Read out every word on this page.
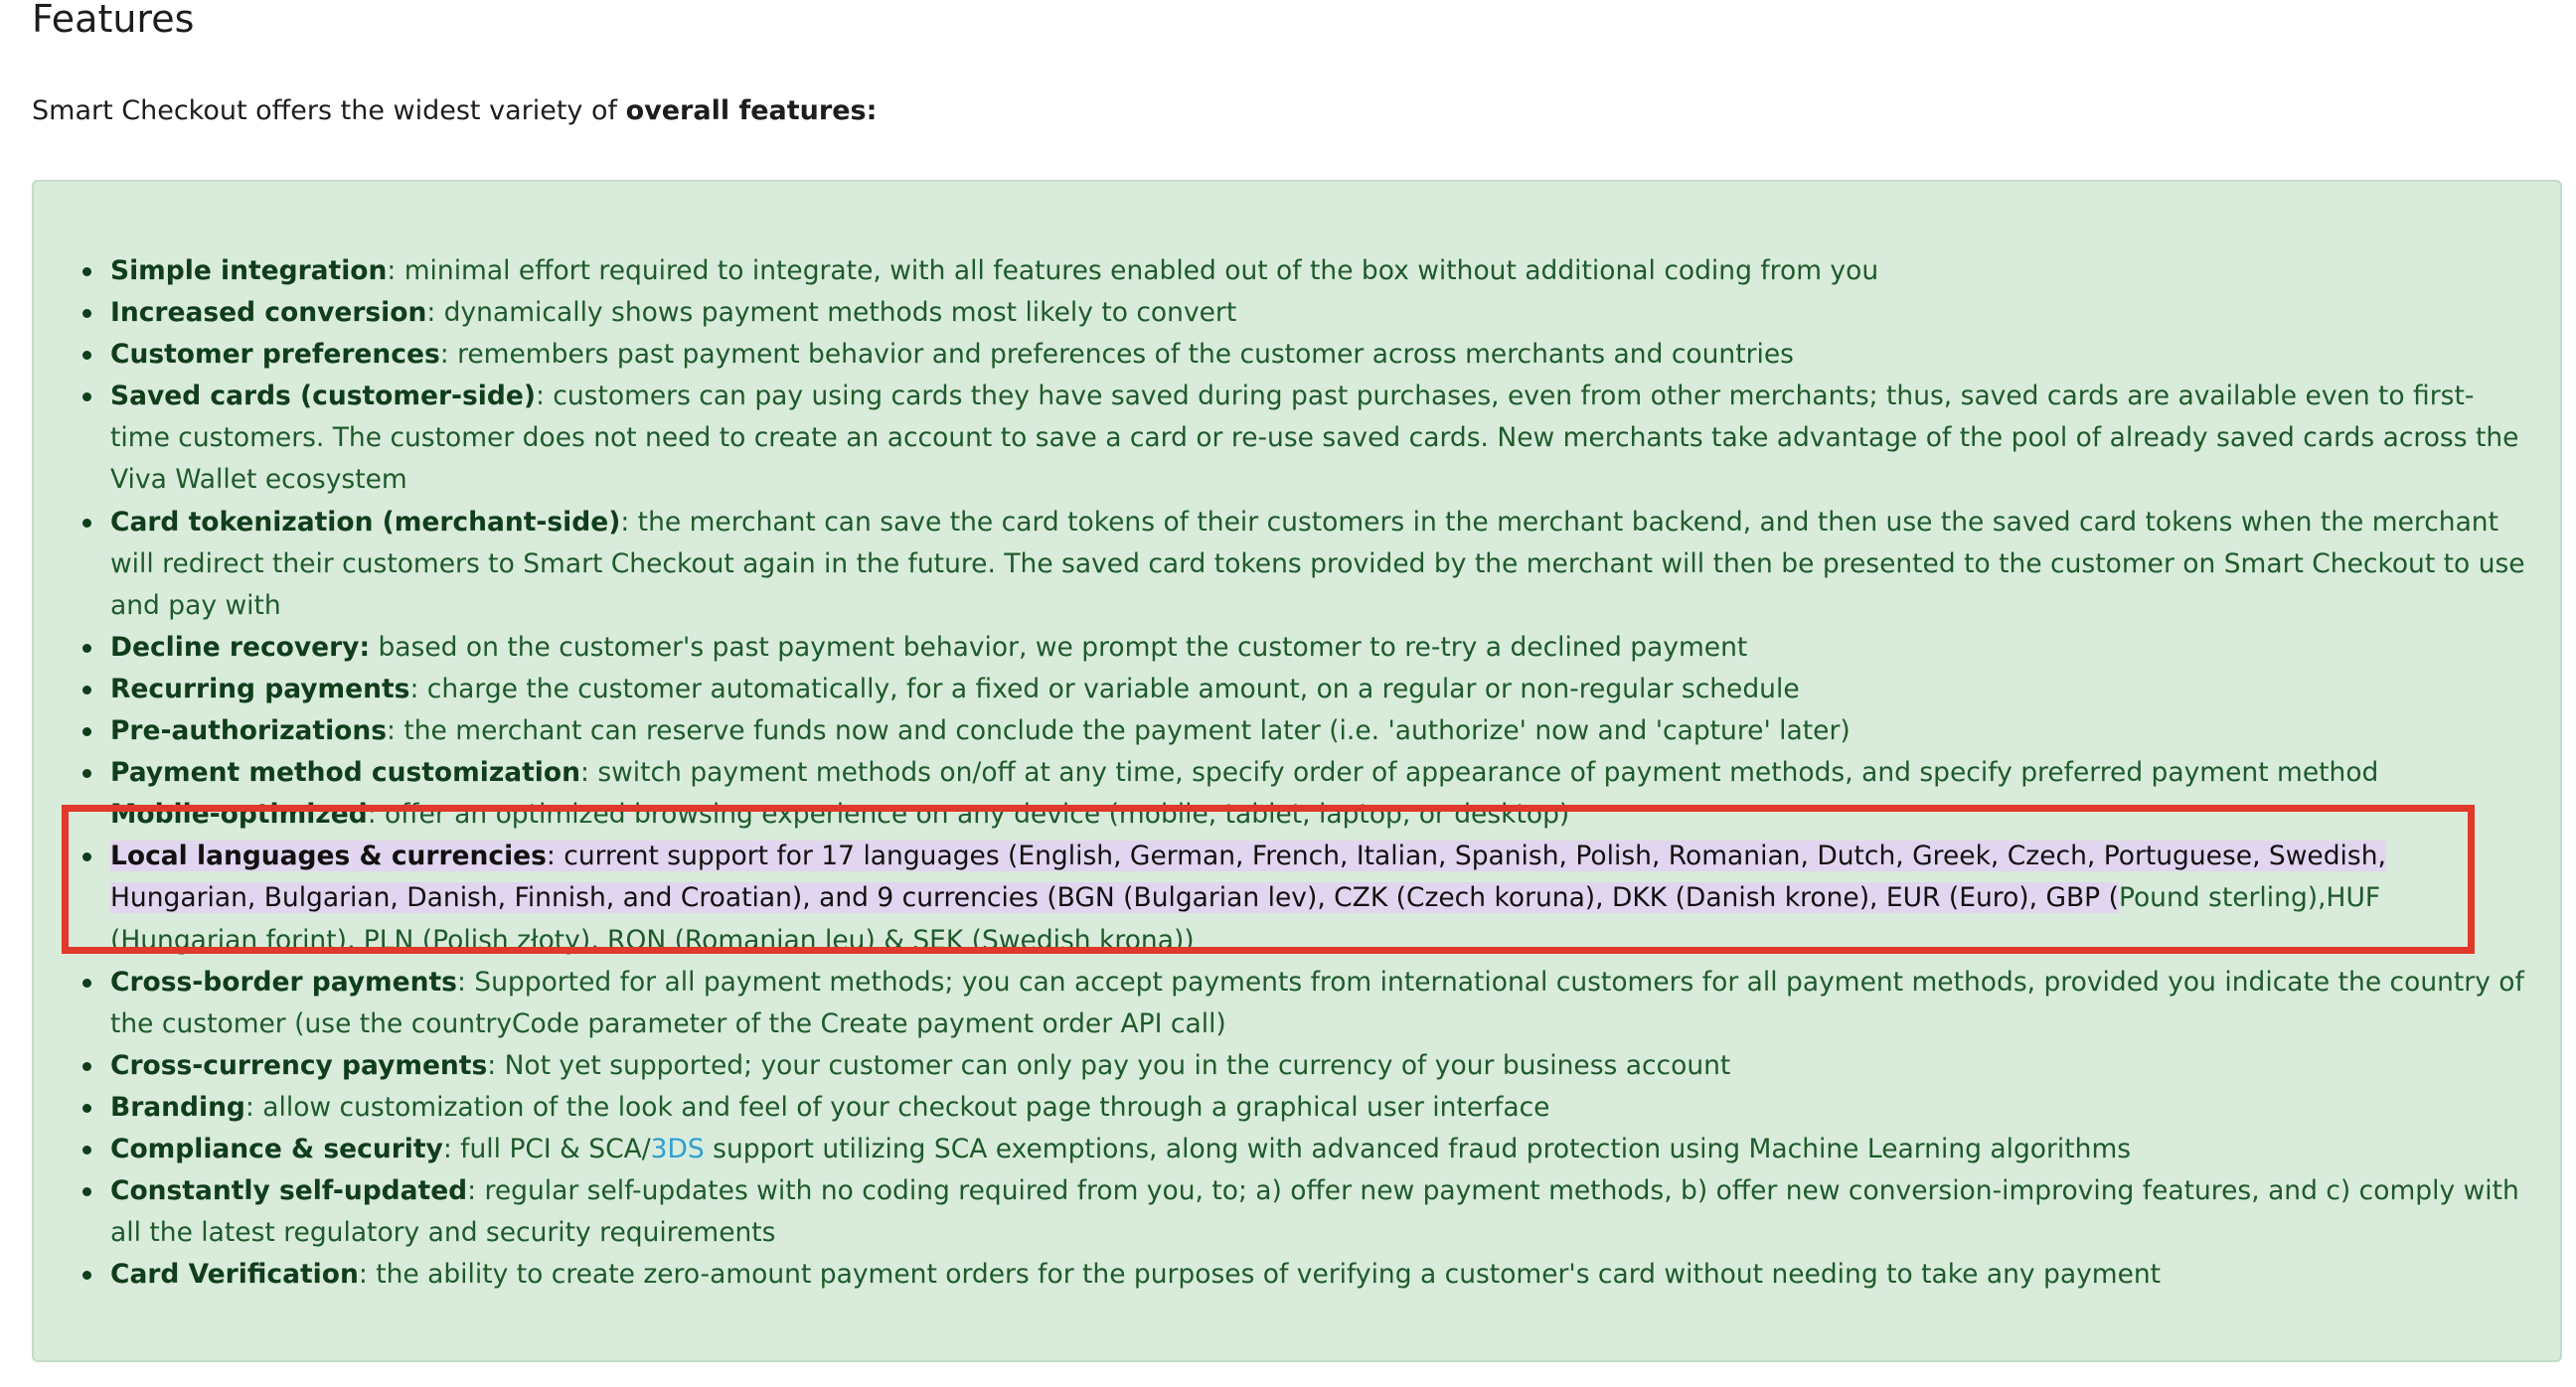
Features

Smart Checkout offers the widest variety of overall features:

Simple integration: minimal effort required to integrate, with all features enabled out of the box without additional coding from you
Increased conversion: dynamically shows payment methods most likely to convert
Customer preferences: remembers past payment behavior and preferences of the customer across merchants and countries
Saved cards (customer-side): customers can pay using cards they have saved during past purchases, even from other merchants; thus, saved cards are available even to first-time customers. The customer does not need to create an account to save a card or re-use saved cards. New merchants take advantage of the pool of already saved cards across the Viva Wallet ecosystem
Card tokenization (merchant-side): the merchant can save the card tokens of their customers in the merchant backend, and then use the saved card tokens when the merchant will redirect their customers to Smart Checkout again in the future. The saved card tokens provided by the merchant will then be presented to the customer on Smart Checkout to use and pay with
Decline recovery: based on the customer's past payment behavior, we prompt the customer to re-try a declined payment
Recurring payments: charge the customer automatically, for a fixed or variable amount, on a regular or non-regular schedule
Pre-authorizations: the merchant can reserve funds now and conclude the payment later (i.e. 'authorize' now and 'capture' later)
Payment method customization: switch payment methods on/off at any time, specify order of appearance of payment methods, and specify preferred payment method
Mobile-optimized: offer an optimized browsing experience on any device (mobile, tablet, laptop, or desktop)
Local languages & currencies: current support for 17 languages (English, German, French, Italian, Spanish, Polish, Romanian, Dutch, Greek, Czech, Portuguese, Swedish, Hungarian, Bulgarian, Danish, Finnish, and Croatian), and 9 currencies (BGN (Bulgarian lev), CZK (Czech koruna), DKK (Danish krone), EUR (Euro), GBP (Pound sterling),HUF (Hungarian forint), PLN (Polish złoty), RON (Romanian leu) & SEK (Swedish krona))
Cross-border payments: Supported for all payment methods; you can accept payments from international customers for all payment methods, provided you indicate the country of the customer (use the countryCode parameter of the Create payment order API call)
Cross-currency payments: Not yet supported; your customer can only pay you in the currency of your business account
Branding: allow customization of the look and feel of your checkout page through a graphical user interface
Compliance & security: full PCI & SCA/3DS support utilizing SCA exemptions, along with advanced fraud protection using Machine Learning algorithms
Constantly self-updated: regular self-updates with no coding required from you, to; a) offer new payment methods, b) offer new conversion-improving features, and c) comply with all the latest regulatory and security requirements
Card Verification: the ability to create zero-amount payment orders for the purposes of verifying a customer's card without needing to take any payment
